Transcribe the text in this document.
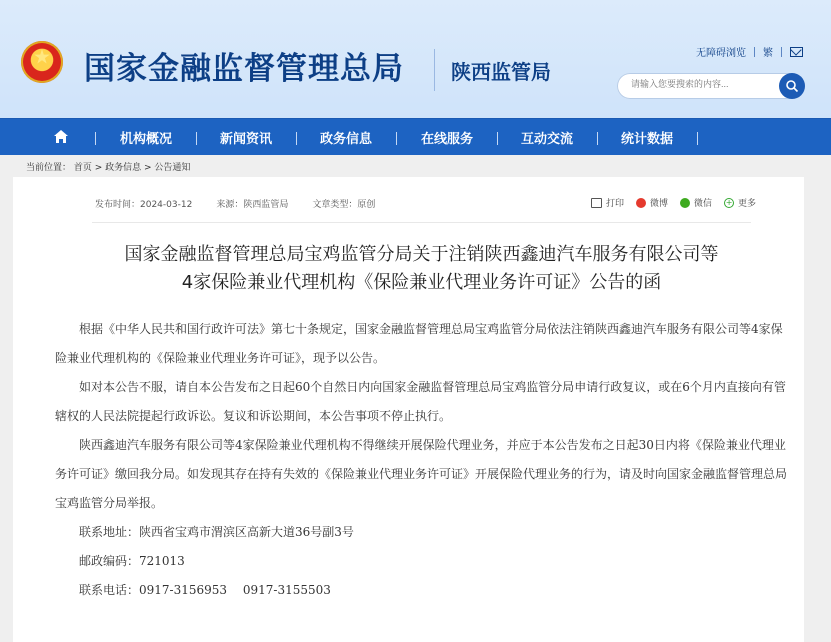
国家金融监督管理总局 陕西监管局
无障碍浏览 繁
请输入您要搜索的内容...
机构概况	新闻资讯	政务信息	在线服务	互动交流	统计数据
当前位置： 首页 > 政务信息 > 公告通知
发布时间：2024-03-12	来源：陕西监管局	文章类型：原创	打印	微博	微信 + 更多
国家金融监督管理总局宝鸡监管分局关于注销陕西鑫迪汽车服务有限公司等
4家保险兼业代理机构《保险兼业代理业务许可证》公告的函

根据《中华人民共和国行政许可法》第七十条规定，国家金融监督管理总局宝鸡监管分局依法注销陕西鑫迪汽车服务有限公司等4家保险兼业代理机构的《保险兼业代理业务许可证》，现予以公告。

如对本公告不服，请自本公告发布之日起60个自然日内向国家金融监督管理总局宝鸡监管分局申请行政复议，或在6个月内直接向有管辖权的人民法院提起行政诉讼。复议和诉讼期间，本公告事项不停止执行。

陕西鑫迪汽车服务有限公司等4家保险兼业代理机构不得继续开展保险代理业务，并应于本公告发布之日起30日内将《保险兼业代理业务许可证》缴回我分局。如发现其存在持有失效的《保险兼业代理业务许可证》开展保险代理业务的行为，请及时向国家金融监督管理总局宝鸡监管分局举报。

联系地址：陕西省宝鸡市渭滨区高新大道36号副3号

邮政编码：721013

联系电话：0917-3156953　 0917-3155503
